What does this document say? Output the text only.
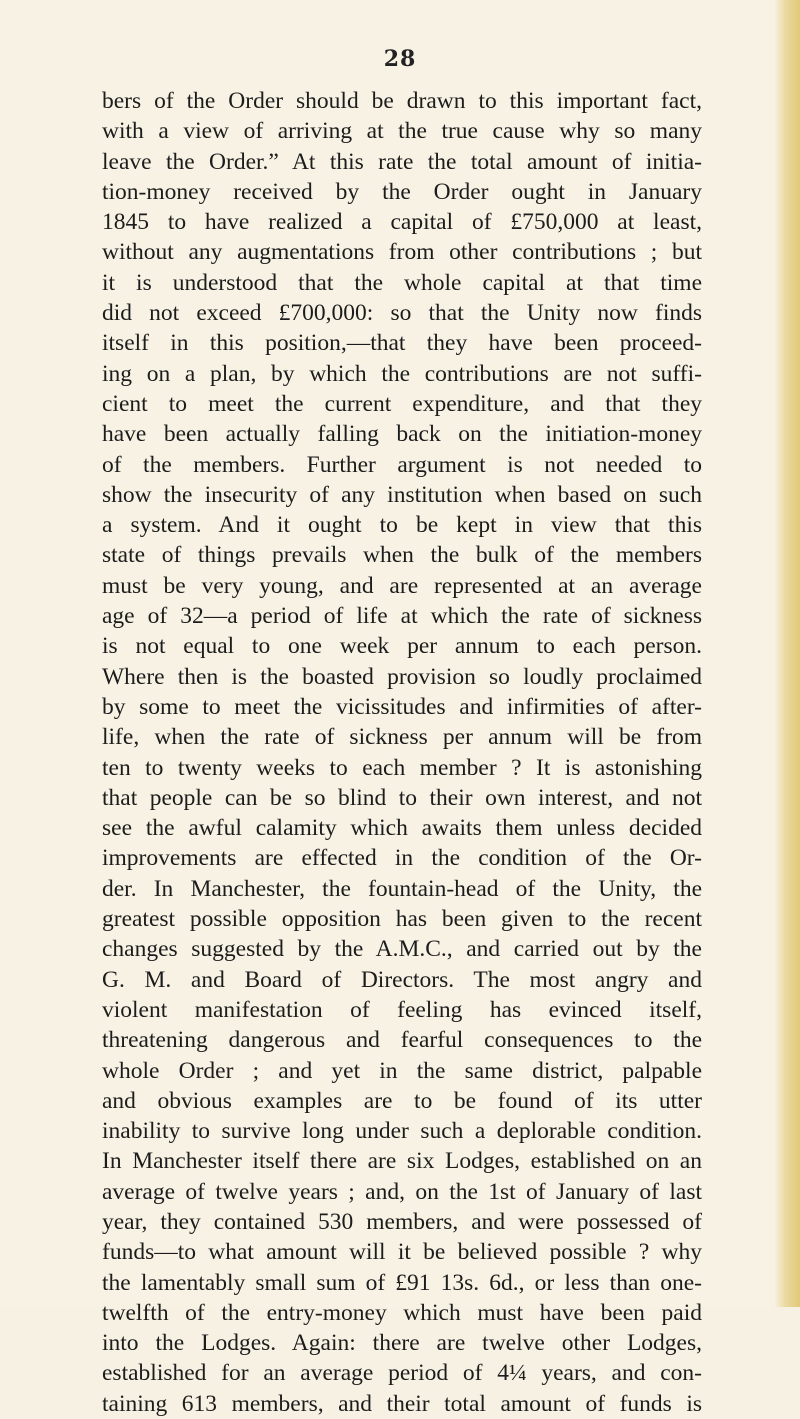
28
bers of the Order should be drawn to this important fact,
with a view of arriving at the true cause why so many
leave the Order.” At this rate the total amount of initia-
tion-money received by the Order ought in January
1845 to have realized a capital of £750,000 at least,
without any augmentations from other contributions ; but
it is understood that the whole capital at that time
did not exceed £700,000: so that the Unity now finds
itself in this position,—that they have been proceed-
ing on a plan, by which the contributions are not suffi-
cient to meet the current expenditure, and that they
have been actually falling back on the initiation-money
of the members. Further argument is not needed to
show the insecurity of any institution when based on such
a system. And it ought to be kept in view that this
state of things prevails when the bulk of the members
must be very young, and are represented at an average
age of 32—a period of life at which the rate of sickness
is not equal to one week per annum to each person.
Where then is the boasted provision so loudly proclaimed
by some to meet the vicissitudes and infirmities of after-
life, when the rate of sickness per annum will be from
ten to twenty weeks to each member ? It is astonishing
that people can be so blind to their own interest, and not
see the awful calamity which awaits them unless decided
improvements are effected in the condition of the Or-
der. In Manchester, the fountain-head of the Unity, the
greatest possible opposition has been given to the recent
changes suggested by the A.M.C., and carried out by the
G. M. and Board of Directors. The most angry and
violent manifestation of feeling has evinced itself,
threatening dangerous and fearful consequences to the
whole Order ; and yet in the same district, palpable
and obvious examples are to be found of its utter
inability to survive long under such a deplorable condition.
In Manchester itself there are six Lodges, established on an
average of twelve years ; and, on the 1st of January of last
year, they contained 530 members, and were possessed of
funds—to what amount will it be believed possible ? why
the lamentably small sum of £91 13s. 6d., or less than one-
twelfth of the entry-money which must have been paid
into the Lodges. Again: there are twelve other Lodges,
established for an average period of 4¼ years, and con-
taining 613 members, and their total amount of funds is
